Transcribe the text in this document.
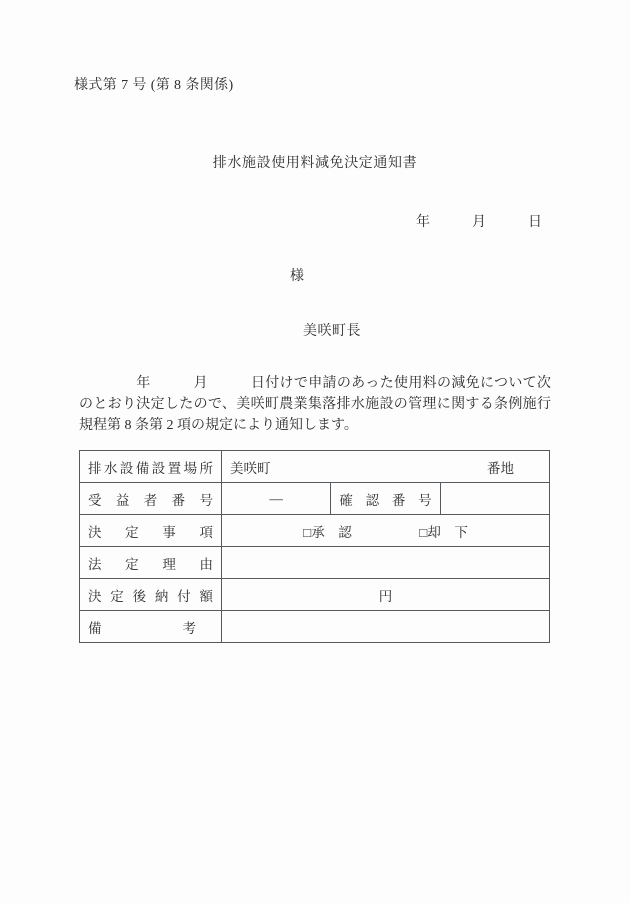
様式第 7 号 (第 8 条関係)
排水施設使用料減免決定通知書
年　　　月　　　日
様
美咲町長
　　　　年　　　月　　　日付けで申請のあった使用料の減免について次のとおり決定したので、美咲町農業集落排水施設の管理に関する条例施行規程第 8 条第 2 項の規定により通知します。
排水設備設置場所	美咲町 番地		

受益者番号	—	確認番号	
決定事項	□承　認　　　　　□却　下		
法定理由			
決定後納付額	円		
備　　　　　　考			
